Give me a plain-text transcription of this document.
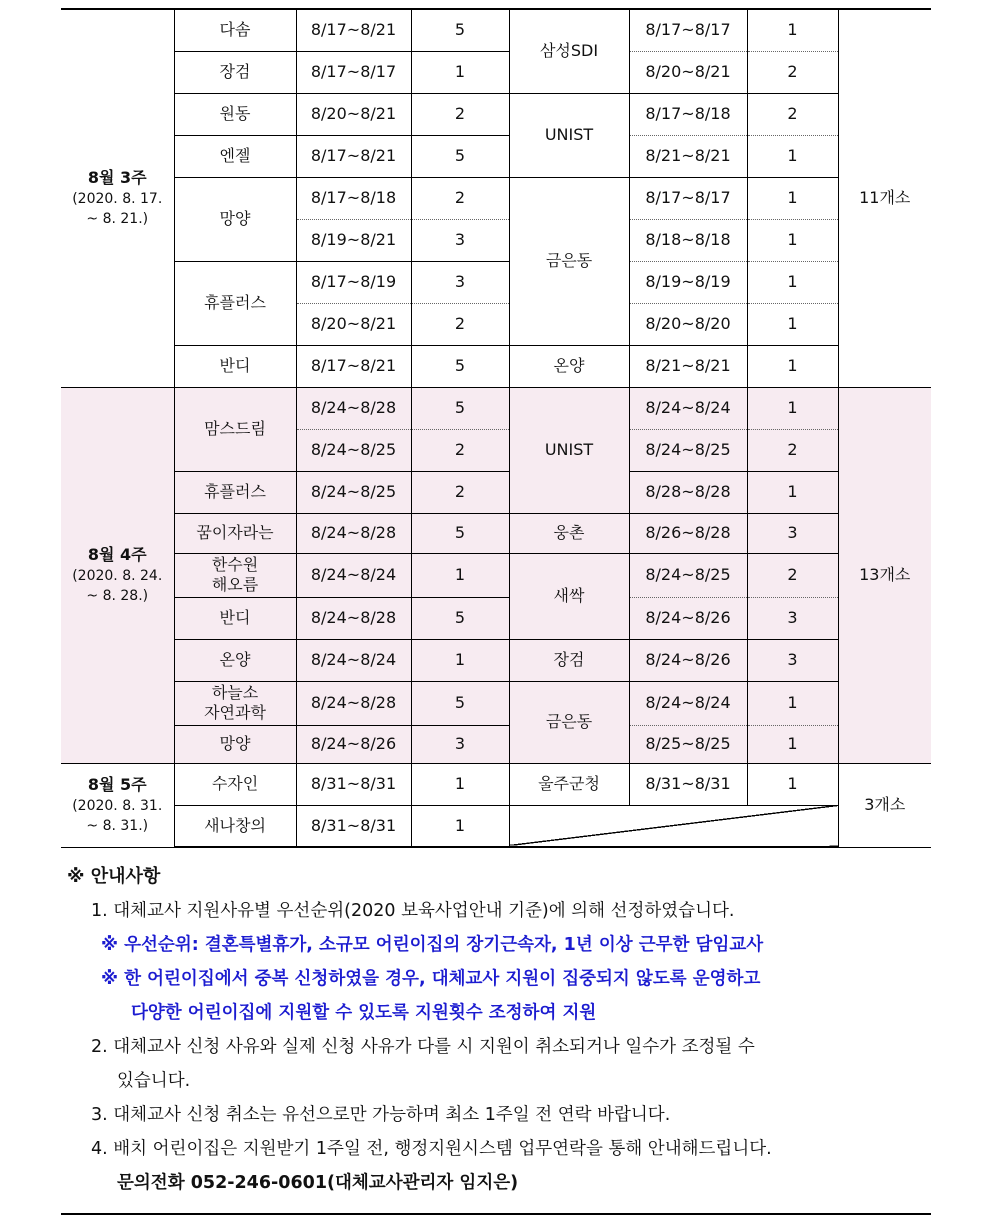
8월 3주
(2020. 8. 17.
~ 8. 21.)	다솜	8/17~8/21	5	삼성SDI	8/17~8/17	1	11개소
	장검	8/17~8/17	1		8/20~8/21	2	
	원동	8/20~8/21	2	UNIST	8/17~8/18	2	
	엔젤	8/17~8/21	5		8/21~8/21	1	
	망양	8/17~8/18	2	금은동	8/17~8/17	1	
		8/19~8/21	3		8/18~8/18	1	
	휴플러스	8/17~8/19	3		8/19~8/19	1	
		8/20~8/21	2		8/20~8/20	1	
	반디	8/17~8/21	5	온양	8/21~8/21	1	
8월 4주
(2020. 8. 24.
~ 8. 28.)	맘스드림	8/24~8/28	5	UNIST	8/24~8/24	1	13개소
		8/24~8/25	2		8/24~8/25	2	
	휴플러스	8/24~8/25	2		8/28~8/28	1	
	꿈이자라는	8/24~8/28	5	웅촌	8/26~8/28	3	
	한수원
해오름	8/24~8/24	1	새싹	8/24~8/25	2	
	반디	8/24~8/28	5		8/24~8/26	3	
	온양	8/24~8/24	1	장검	8/24~8/26	3	
	하늘소
자연과학	8/24~8/28	5	금은동	8/24~8/24	1	
	망양	8/24~8/26	3		8/25~8/25	1	
8월 5주
(2020. 8. 31.
~ 8. 31.)	수자인	8/31~8/31	1	울주군청	8/31~8/31	1	3개소
	새나창의	8/31~8/31	1				
※ 안내사항
1. 대체교사 지원사유별 우선순위(2020 보육사업안내 기준)에 의해 선정하였습니다.
※ 우선순위: 결혼특별휴가, 소규모 어린이집의 장기근속자, 1년 이상 근무한 담임교사
※ 한 어린이집에서 중복 신청하였을 경우, 대체교사 지원이 집중되지 않도록 운영하고
다양한 어린이집에 지원할 수 있도록 지원횟수 조정하여 지원
2. 대체교사 신청 사유와 실제 신청 사유가 다를 시 지원이 취소되거나 일수가 조정될 수
있습니다.
3. 대체교사 신청 취소는 유선으로만 가능하며 최소 1주일 전 연락 바랍니다.
4. 배치 어린이집은 지원받기 1주일 전, 행정지원시스템 업무연락을 통해 안내해드립니다.
문의전화 052-246-0601(대체교사관리자 임지은)
